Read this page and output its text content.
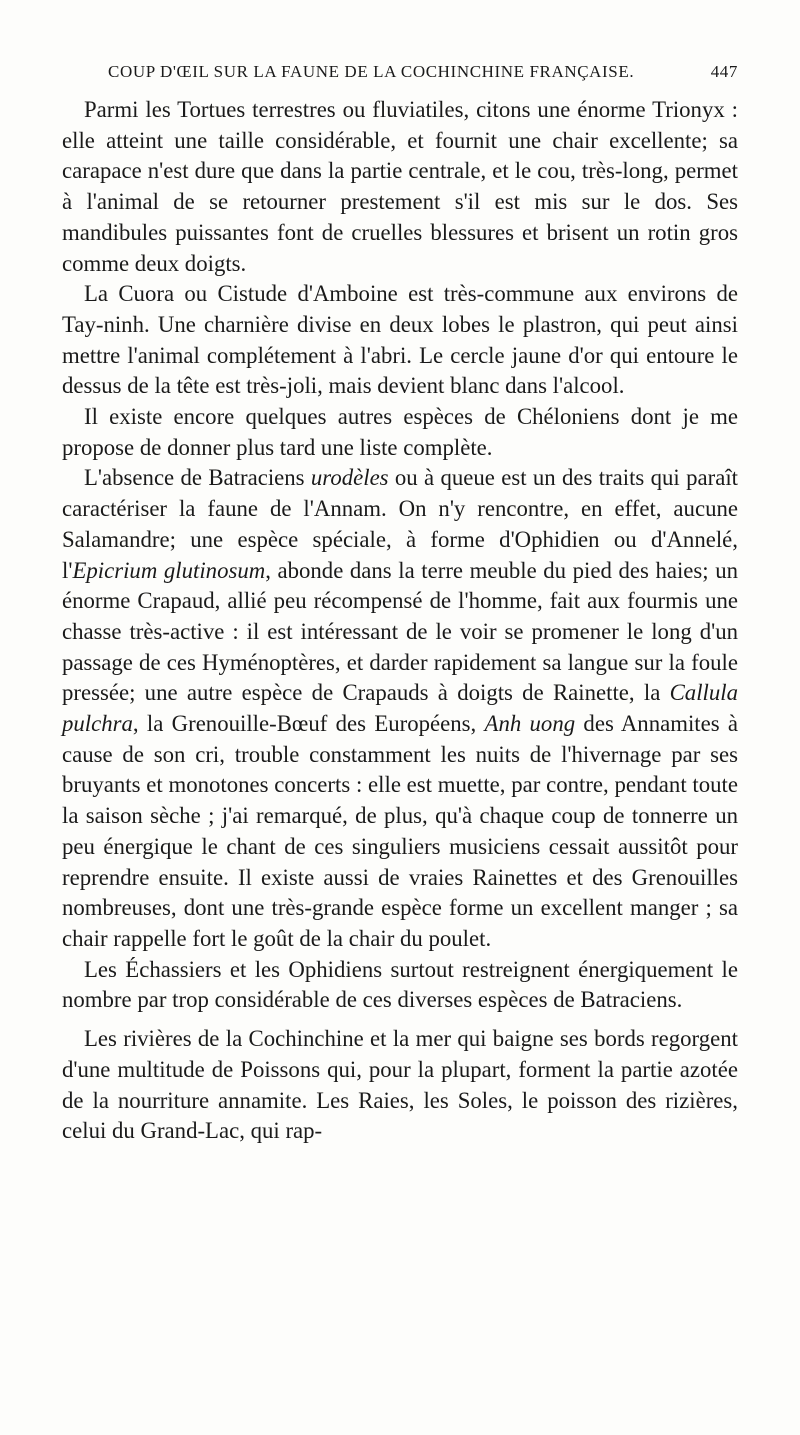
COUP D'ŒIL SUR LA FAUNE DE LA COCHINCHINE FRANÇAISE.	447

Parmi les Tortues terrestres ou fluviatiles, citons une énorme Trionyx : elle atteint une taille considérable, et fournit une chair excellente; sa carapace n'est dure que dans la partie centrale, et le cou, très-long, permet à l'animal de se retourner prestement s'il est mis sur le dos. Ses mandibules puissantes font de cruelles blessures et brisent un rotin gros comme deux doigts.

La Cuora ou Cistude d'Amboine est très-commune aux environs de Tay-ninh. Une charnière divise en deux lobes le plastron, qui peut ainsi mettre l'animal complétement à l'abri. Le cercle jaune d'or qui entoure le dessus de la tête est très-joli, mais devient blanc dans l'alcool.

Il existe encore quelques autres espèces de Chéloniens dont je me propose de donner plus tard une liste complète.

L'absence de Batraciens urodèles ou à queue est un des traits qui paraît caractériser la faune de l'Annam. On n'y rencontre, en effet, aucune Salamandre; une espèce spéciale, à forme d'Ophidien ou d'Annelé, l'Epicrium glutinosum, abonde dans la terre meuble du pied des haies; un énorme Crapaud, allié peu récompensé de l'homme, fait aux fourmis une chasse très-active : il est intéressant de le voir se promener le long d'un passage de ces Hyménoptères, et darder rapidement sa langue sur la foule pressée; une autre espèce de Crapauds à doigts de Rainette, la Callula pulchra, la Grenouille-Bœuf des Européens, Anh uong des Annamites à cause de son cri, trouble constamment les nuits de l'hivernage par ses bruyants et monotones concerts : elle est muette, par contre, pendant toute la saison sèche ; j'ai remarqué, de plus, qu'à chaque coup de tonnerre un peu énergique le chant de ces singuliers musiciens cessait aussitôt pour reprendre ensuite. Il existe aussi de vraies Rainettes et des Grenouilles nombreuses, dont une très-grande espèce forme un excellent manger ; sa chair rappelle fort le goût de la chair du poulet.

Les Échassiers et les Ophidiens surtout restreignent énergiquement le nombre par trop considérable de ces diverses espèces de Batraciens.

Les rivières de la Cochinchine et la mer qui baigne ses bords regorgent d'une multitude de Poissons qui, pour la plupart, forment la partie azotée de la nourriture annamite. Les Raies, les Soles, le poisson des rizières, celui du Grand-Lac, qui rap-
